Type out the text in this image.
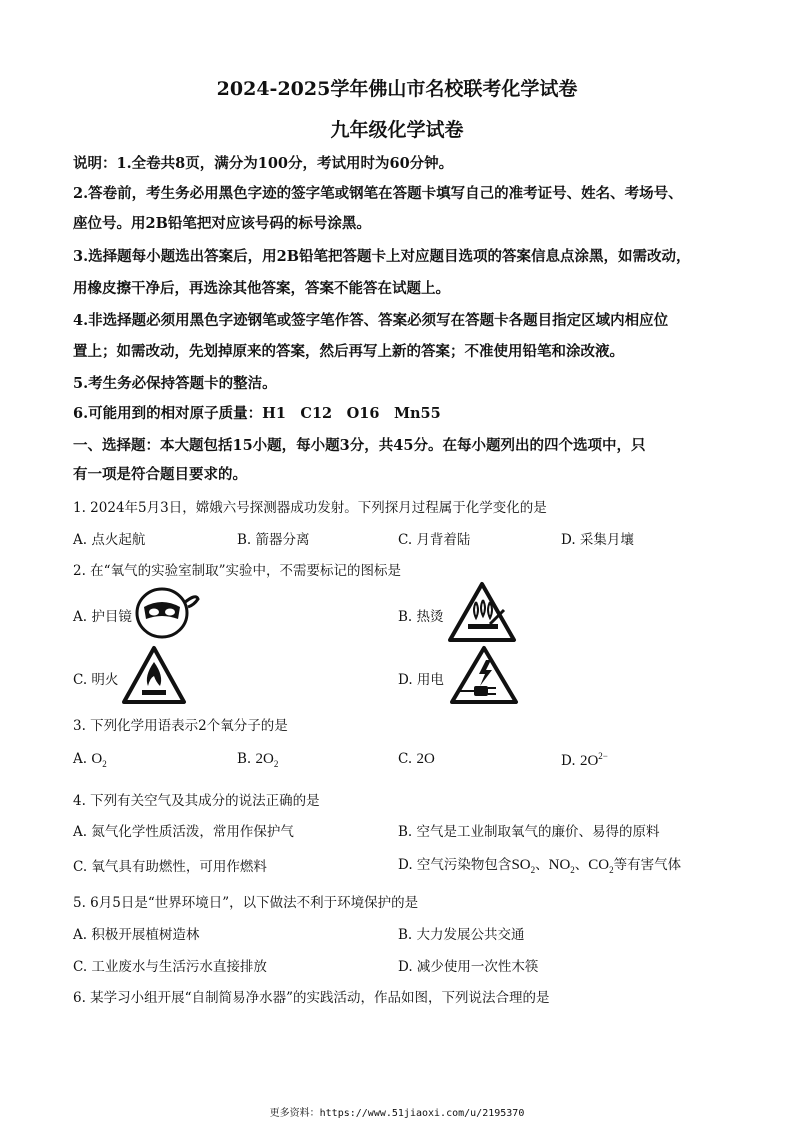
2024-2025学年佛山市名校联考化学试卷
九年级化学试卷
说明：1.全卷共8页，满分为100分，考试用时为60分钟。
2.答卷前，考生务必用黑色字迹的签字笔或钢笔在答题卡填写自己的准考证号、姓名、考场号、
座位号。用2B铅笔把对应该号码的标号涂黑。
3.选择题每小题选出答案后，用2B铅笔把答题卡上对应题目选项的答案信息点涂黑，如需改动，
用橡皮擦干净后，再选涂其他答案，答案不能答在试题上。
4.非选择题必须用黑色字迹钢笔或签字笔作答、答案必须写在答题卡各题目指定区域内相应位
置上；如需改动，先划掉原来的答案，然后再写上新的答案；不准使用铅笔和涂改液。
5.考生务必保持答题卡的整洁。
6.可能用到的相对原子质量：H1　C12　O16　Mn55
一、选择题：本大题包括15小题，每小题3分，共45分。在每小题列出的四个选项中，只
有一项是符合题目要求的。
1. 2024年5月3日，嫦娥六号探测器成功发射。下列探月过程属于化学变化的是
A. 点火起航	B. 箭器分离	C. 月背着陆	D. 采集月壤
2. 在“氧气的实验室制取”实验中，不需要标记的图标是
A. 护目镜	B. 热烫
C. 明火	D. 用电
3. 下列化学用语表示2个氧分子的是
A. $O_2$	B. $2O_2$	C. 2O	D. $2O^{2-}$
4. 下列有关空气及其成分的说法正确的是
A. 氮气化学性质活泼，常用作保护气	B. 空气是工业制取氧气的廉价、易得的原料
C. 氧气具有助燃性，可用作燃料	D. 空气污染物包含$SO_2$、$NO_2$、$CO_2$等有害气体
5. 6月5日是“世界环境日”，以下做法不利于环境保护的是
A. 积极开展植树造林	B. 大力发展公共交通
C. 工业废水与生活污水直接排放	D. 减少使用一次性木筷
6. 某学习小组开展“自制简易净水器”的实践活动，作品如图，下列说法合理的是
更多资料：https://www.51jiaoxi.com/u/2195370
